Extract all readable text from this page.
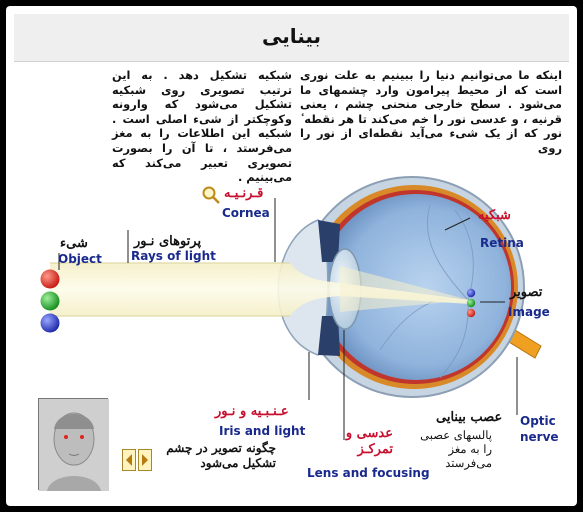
بینایی
اینکه ما می‌توانیم دنیا را ببینیم به علت نوری است که از محیط پیرامون وارد چشمهای ما می‌شود . سطح خارجی منحنی چشم ، یعنی قرنیه ، و عدسی نور را خم می‌کند تا هر نقطه ٔ نور که از یک شیء می‌آید نقطه‌ای از نور را روی
شبکیه تشکیل دهد . به این ترتیب تصویری روی شبکیه تشکیل می‌شود که وارونه وکوچکتر از شیء اصلی است . شبکیه این اطلاعات را به مغز می‌فرستد ، تا آن را بصورت تصویری تعبیر می‌کند که می‌بینیم .
قـرنـیـه
Cornea	شبکیه
Retina
شیء
Object
پرتوهای نـور
Rays of light
تصویر
Image
عـنـبـیه و نـور
Iris and light	عدسی و تمرکـز
Lens and focusing
عصب بینایی
پالسهای عصبی را به مغز می‌فرستد
Optic
nerve
چگونه تصویر در چشم تشکیل می‌شود
